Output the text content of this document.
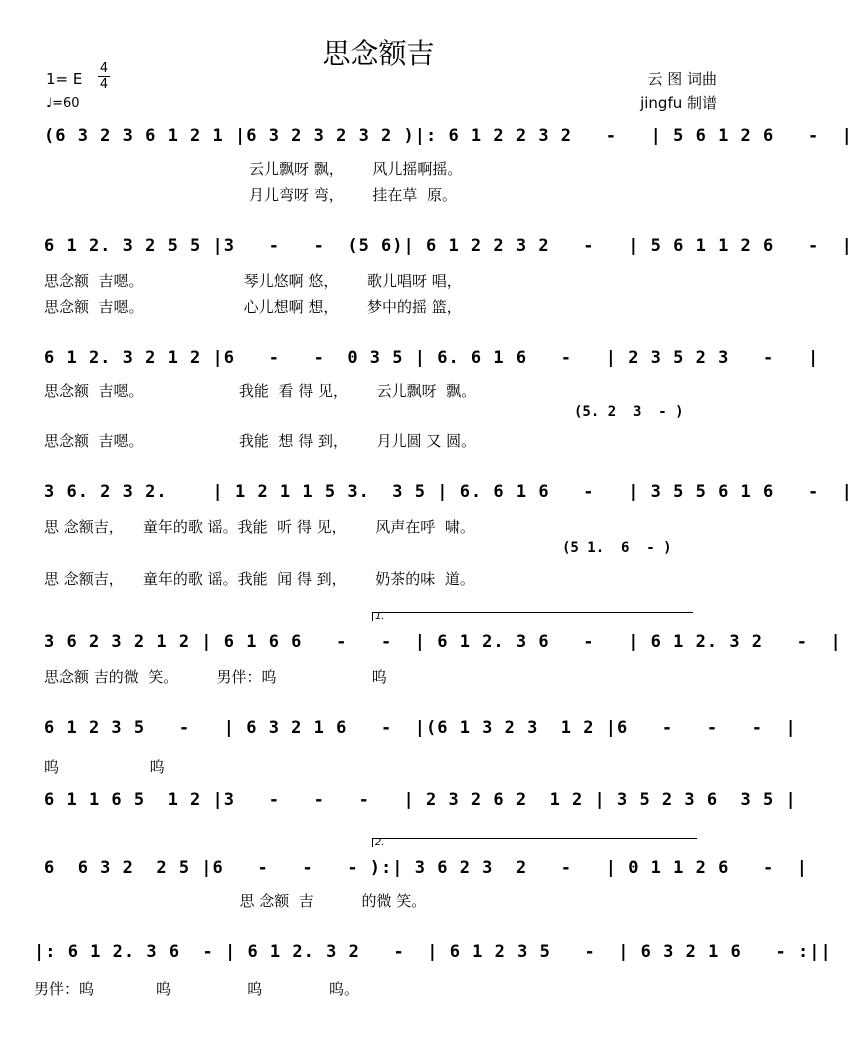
思念额吉
1= E
4
4
♩=60
云 图 词曲
jingfu 制谱
(6 3 2 3 6 1 2 1 |6 3 2 3 2 3 2 )|: 6 1 2 2 3 2   -   | 5 6 1 2 6   -  |
云儿飘呀 飘，      风儿摇啊摇。
月儿弯呀 弯，      挂在草  原。
6 1 2. 3 2 5 5 |3   -   -  (5 6)| 6 1 2 2 3 2   -   | 5 6 1 1 2 6   -  |
思念额  吉嗯。                     琴儿悠啊 悠，      歌儿唱呀 唱，
思念额  吉嗯。                     心儿想啊 想，      梦中的摇 篮，
6 1 2. 3 2 1 2 |6   -   -  0 3 5 | 6. 6 1 6   -   | 2 3 5 2 3   -   |
思念额  吉嗯。                    我能  看 得 见，      云儿飘呀  飘。
(5. 2  3  - )
思念额  吉嗯。                    我能  想 得 到，      月儿圆 又 圆。
3 6. 2 3 2.    | 1 2 1 1 5 3.  3 5 | 6. 6 1 6   -   | 3 5 5 6 1 6   -  |
思 念额吉，    童年的歌 谣。我能  听 得 见，      风声在呼  啸。
(5 1.  6  - )
思 念额吉，    童年的歌 谣。我能  闻 得 到，      奶茶的味  道。
1.
3 6 2 3 2 1 2 | 6 1 6 6   -   -  | 6 1 2. 3 6   -   | 6 1 2. 3 2   -  |
思念额 吉的微  笑。        男伴：呜                    呜
6 1 2 3 5   -   | 6 3 2 1 6   -  |(6 1 3 2 3  1 2 |6   -   -   -  |
呜                   呜
6 1 1 6 5  1 2 |3   -   -   -   | 2 3 2 6 2  1 2 | 3 5 2 3 6  3 5 |
2.
6  6 3 2  2 5 |6   -   -   - ):| 3 6 2 3  2   -   | 0 1 1 2 6   -  |
思 念额  吉          的微 笑。
|: 6 1 2. 3 6  - | 6 1 2. 3 2   -  | 6 1 2 3 5   -  | 6 3 2 1 6   - :||
男伴：呜             呜                呜              呜。
